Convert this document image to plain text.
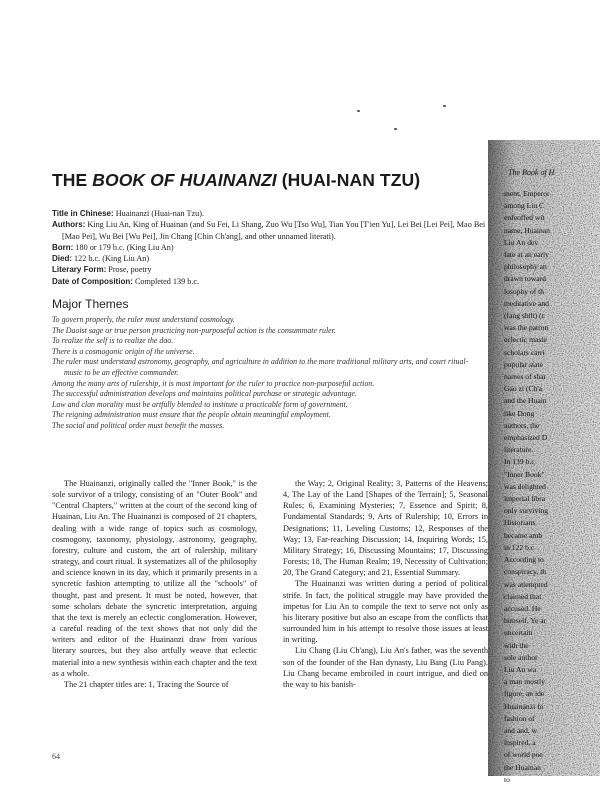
THE BOOK OF HUAINANZI (HUAI-NAN TZU)

Title in Chinese: Huainanzi (Huai-nan Tzu).

Authors: King Liu An, King of Huainan (and Su Fei, Li Shang, Zuo Wu [Tso Wu], Tian You [T'ien Yu], Lei Bei [Lei Pei], Mao Bei [Mao Pei], Wu Bei [Wu Pei], Jin Chang [Chin Ch'ang], and other unnamed literati).

Born: 180 or 179 b.c. (King Liu An)

Died: 122 b.c. (King Liu An)

Literary Form: Prose, poetry

Date of Composition: Completed 139 b.c.

Major Themes

To govern properly, the ruler must understand cosmology.

The Daoist sage or true person practicing non-purposeful action is the consummate ruler.

To realize the self is to realize the dao.

There is a cosmogonic origin of the universe.

The ruler must understand astronomy, geography, and agriculture in addition to the more traditional military arts, and court ritual-music to be an effective commander.

Among the many arts of rulership, it is most important for the ruler to practice non-purposeful action.

The successful administration develops and maintains political purchase or strategic advantage.

Law and clan morality must be artfully blended to institute a practicable form of government.

The reigning administration must ensure that the people obtain meaningful employment.

The social and political order must benefit the masses.

The Huainanzi, originally called the "Inner Book," is the sole survivor of a trilogy, consisting of an "Outer Book" and "Central Chapters," written at the court of the second king of Huainan, Liu An. The Huainanzi is composed of 21 chapters, dealing with a wide range of topics such as cosmology, cosmogony, taxonomy, physiology, astronomy, geography, forestry, culture and custom, the art of rulership, military strategy, and court ritual. It systematizes all of the philosophy and science known in its day, which it primarily presents in a syncretic fashion attempting to utilize all the "schools" of thought, past and present. It must be noted, however, that some scholars debate the syncretic interpretation, arguing that the text is merely an eclectic conglomeration. However, a careful reading of the text shows that not only did the writers and editor of the Huainanzi draw from various literary sources, but they also artfully weave that eclectic material into a new synthesis within each chapter and the text as a whole.

The 21 chapter titles are: 1, Tracing the Source of

the Way; 2, Original Reality; 3, Patterns of the Heavens; 4, The Lay of the Land [Shapes of the Terrain]; 5, Seasonal Rules; 6, Examining Mysteries; 7, Essence and Spirit; 8, Fundamental Standards; 9, Arts of Rulership; 10, Errors in Designations; 11, Leveling Customs; 12, Responses of the Way; 13, Far-reaching Discussion; 14, Inquiring Words; 15, Military Strategy; 16, Discussing Mountains; 17, Discussing Forests; 18, The Human Realm; 19, Necessity of Cultivation; 20, The Grand Category; and 21, Essential Summary.

The Huainanzi was written during a period of political strife. In fact, the political struggle may have provided the impetus for Liu An to compile the text to serve not only as his literary positive but also an escape from the conflicts that surrounded him in his attempt to resolve those issues at least in writing.

Liu Chang (Liu Ch'ang), Liu An's father, was the seventh son of the founder of the Han dynasty, Liu Bang (Liu Pang). Liu Chang became embroiled in court intrigue, and died on the way to his banish-

64
The Book of H
ment, Emperor
among Liu C
enfeoffed wit
name, Huainan
Liu An dev
fate at an early
philosophy an
drawn toward
losophy of th
meditative and
(fang shih) (c
was the patron
eclectic maste
scholars carri
popular state
names of shar
Gao zi (Ch'a
and the Huain
like Dong
authors, the
emphasized D
literature.
In 139 b.c
"Inner Book"
was delighted
imperial libra
only surviving
Historians
became amb
in 122 b.c
According to
conspiracy, th
was attempted
claimed that
accused. He
himself. Ye ar
uncertain
with the
sole author
Liu An wa
a man mostly
figure, an ide
Huainanzi fo
fashion of
and and, w
inspired, a
of world poe
the Huainan
to
